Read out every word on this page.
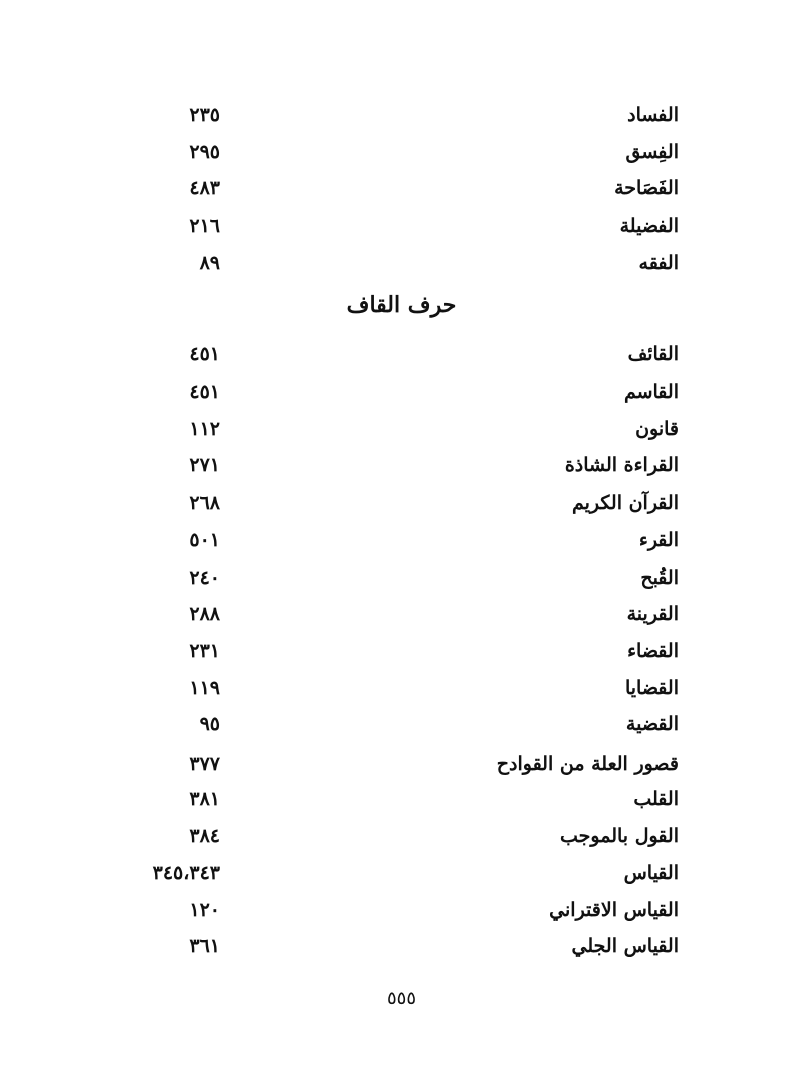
الفساد
٢٣٥
الفِسق
٢٩٥
الفَصَاحة
٤٨٣
الفضيلة
٢١٦
الفقه
٨٩
حرف القاف
القائف
٤٥١
القاسم
٤٥١
قانون
١١٢
القراءة الشاذة
٢٧١
القرآن الكريم
٢٦٨
القرء
٥٠١
القُبح
٢٤٠
القرينة
٢٨٨
القضاء
٢٣١
القضايا
١١٩
القضية
٩٥
قصور العلة من القوادح
٣٧٧
القلب
٣٨١
القول بالموجب
٣٨٤
القياس
٣٤٥،٣٤٣
القياس الاقتراني
١٢٠
القياس الجلي
٣٦١
٥٥٥
